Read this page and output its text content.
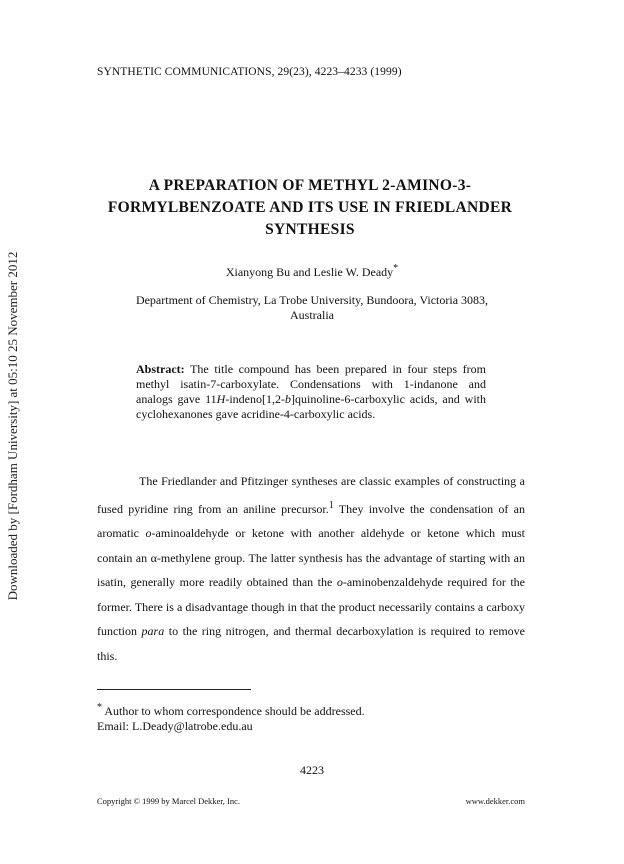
Downloaded by [Fordham University] at 05:10 25 November 2012
SYNTHETIC COMMUNICATIONS, 29(23), 4223–4233 (1999)
A PREPARATION OF METHYL 2-AMINO-3-
FORMYLBENZOATE AND ITS USE IN FRIEDLANDER
SYNTHESIS
Xianyong Bu and Leslie W. Deady*
Department of Chemistry, La Trobe University, Bundoora, Victoria 3083,
Australia
Abstract: The title compound has been prepared in four steps from methyl isatin-7-carboxylate. Condensations with 1-indanone and analogs gave 11H-indeno[1,2-b]quinoline-6-carboxylic acids, and with cyclohexanones gave acridine-4-carboxylic acids.

The Friedlander and Pfitzinger syntheses are classic examples of constructing a fused pyridine ring from an aniline precursor.$^1$ They involve the condensation of an aromatic o-aminoaldehyde or ketone with another aldehyde or ketone which must contain an α-methylene group. The latter synthesis has the advantage of starting with an isatin, generally more readily obtained than the o-aminobenzaldehyde required for the former. There is a disadvantage though in that the product necessarily contains a carboxy function para to the ring nitrogen, and thermal decarboxylation is required to remove this.

* Author to whom correspondence should be addressed.
Email: L.Deady@latrobe.edu.au
4223
Copyright © 1999 by Marcel Dekker, Inc.	www.dekker.com
